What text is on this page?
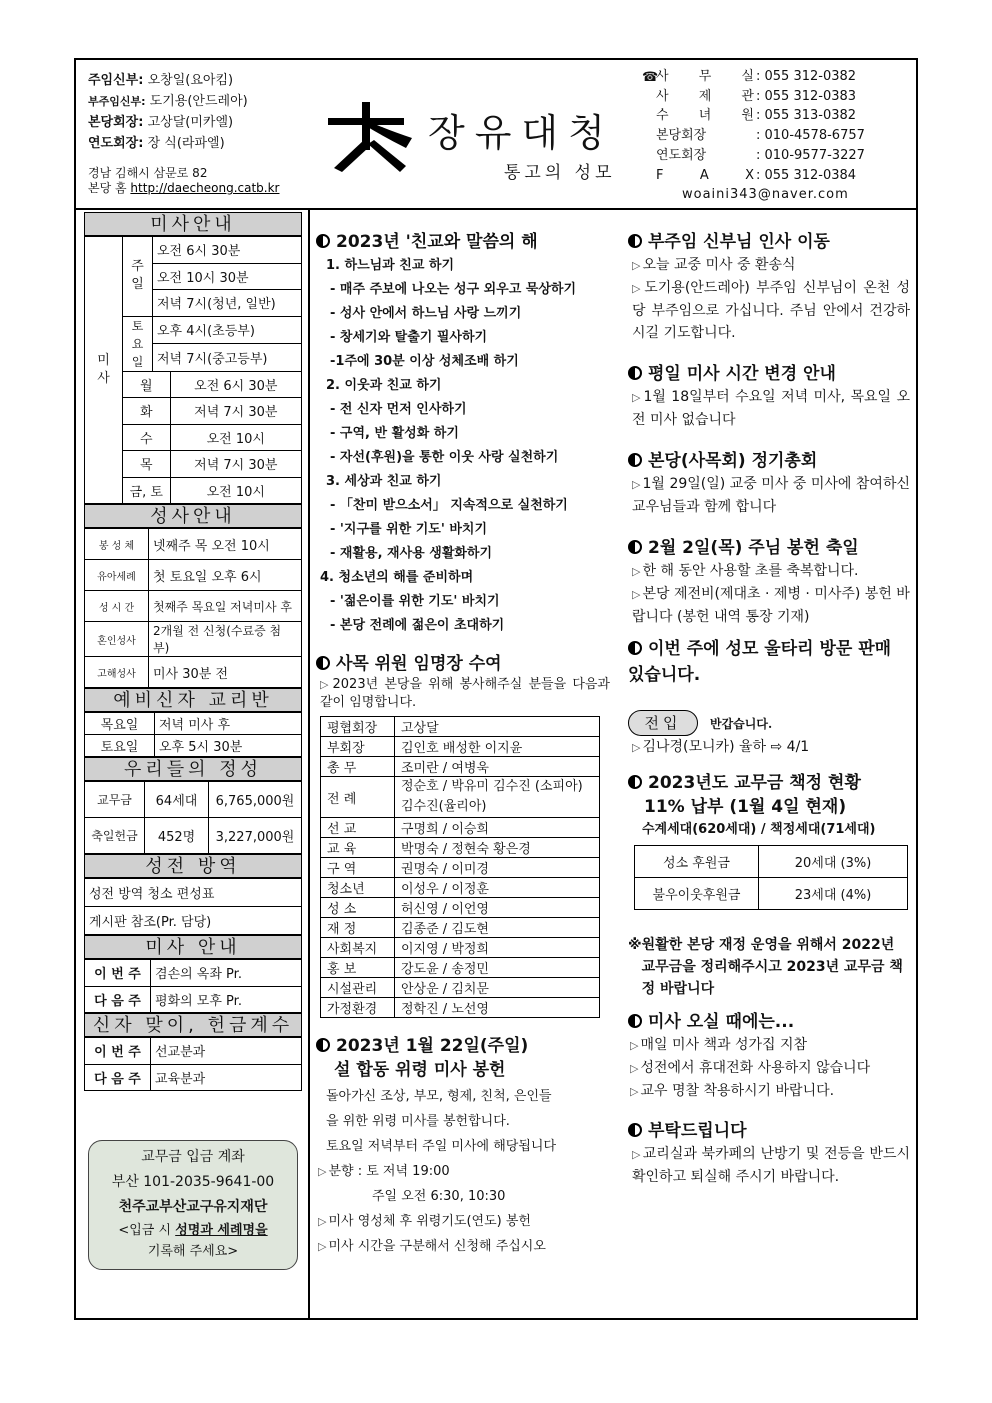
주임신부: 오창일(요아킴)
부주임신부: 도기용(안드레아)
본당회장: 고상달(미카엘)
연도회장: 장 식(라파엘)
경남 김해시 삼문로 82
본당 홈 http://daecheong.catb.kr
장유대청
통고의 성모
☎
사 무 실 : 055 312-0382
사 제 관 : 055 312-0383
수 녀 원 : 055 313-0382
본당회장	: 010-4578-6757
연도회장	: 010-9577-3227
F A X : 055 312-0384
woaini343@naver.com
미사안내
미 사	주 일	오전 6시 30분	
		오전 10시 30분	
		저녁 7시(청년, 일반)	
	토 요 일	오후 4시(초등부)	
		저녁 7시(중고등부)	
	월		오전 6시 30분
	화		저녁 7시 30분
	수		오전 10시
	목		저녁 7시 30분
	금, 토		오전 10시
성사안내
봉 성 체	넷째주 목 오전 10시
유아세례	첫 토요일 오후 6시
성 시 간	첫째주 목요일 저녁미사 후
혼인성사	2개월 전 신청(수료증 첨부)
고해성사	미사 30분 전
예비신자 교리반
목요일	저녁 미사 후
토요일	오후 5시 30분
우리들의 정성
교무금	64세대	6,765,000원
축일헌금	452명	3,227,000원
성전 방역
성전 방역 청소 편성표
게시판 참조(Pr. 담당)
미사 안내
이 번 주	겸손의 옥좌 Pr.
다 음 주	평화의 모후 Pr.
신자 맞이, 헌금계수
이 번 주	선교분과
다 음 주	교육분과
교무금 입금 계좌
부산 101-2035-9641-00
천주교부산교구유지재단
<입금 시 성명과 세례명을
기록해 주세요>
2023년 '친교와 말씀의 해
1. 하느님과 친교 하기
- 매주 주보에 나오는 성구 외우고 묵상하기
- 성사 안에서 하느님 사랑 느끼기
- 창세기와 탈출기 필사하기
-1주에 30분 이상 성체조배 하기
2. 이웃과 친교 하기
- 전 신자 먼저 인사하기
- 구역, 반 활성화 하기
- 자선(후원)을 통한 이웃 사랑 실천하기
3. 세상과 친교 하기
- 「찬미 받으소서」 지속적으로 실천하기
- '지구를 위한 기도' 바치기
- 재활용, 재사용 생활화하기
4. 청소년의 해를 준비하며
- '젊은이를 위한 기도' 바치기
- 본당 전례에 젊은이 초대하기
사목 위원 임명장 수여
▷ 2023년 본당을 위해 봉사해주실 분들을 다음과 같이 임명합니다.
평협회장	고상달
부회장	김인호 배성한 이지윤
총 무	조미란 / 여병욱
전 례	정순호 / 박유미 김수진 (소피아) 김수진(율리아)
선 교	구명희 / 이승희
교 육	박명숙 / 정현숙 황은경
구 역	권명숙 / 이미경
청소년	이성우 / 이정훈
성 소	허신영 / 이언영
재 정	김종준 / 김도현
사회복지	이지영 / 박정희
홍 보	강도윤 / 송정민
시설관리	안상운 / 김치문
가정환경	정학진 / 노선영
2023년 1월 22일(주일)
설 합동 위령 미사 봉헌
돌아가신 조상, 부모, 형제, 친척, 은인들
을 위한 위령 미사를 봉헌합니다.
토요일 저녁부터 주일 미사에 해당됩니다
▷ 분향 : 토 저녁 19:00
주일 오전 6:30, 10:30
▷ 미사 영성체 후 위령기도(연도) 봉헌
▷ 미사 시간을 구분해서 신청해 주십시오
부주임 신부님 인사 이동
▷ 오늘 교중 미사 중 환송식
▷ 도기용(안드레아) 부주임 신부님이 온천 성당 부주임으로 가십니다. 주님 안에서 건강하시길 기도합니다.
평일 미사 시간 변경 안내
▷ 1월 18일부터 수요일 저녁 미사, 목요일 오전 미사 없습니다
본당(사목회) 정기총회
▷ 1월 29일(일) 교중 미사 중 미사에 참여하신 교우님들과 함께 합니다
2월 2일(목) 주님 봉헌 축일
▷ 한 해 동안 사용할 초를 축복합니다.
▷ 본당 제전비(제대초 · 제병 · 미사주) 봉헌 바랍니다 (봉헌 내역 통장 기재)
이번 주에 성모 울타리 방문 판매 있습니다.
전입	반갑습니다.
▷ 김나경(모니카) 율하 ⇨ 4/1
2023년도 교무금 책정 현황
11% 납부 (1월 4일 현재)
수계세대(620세대) / 책정세대(71세대)
성소 후원금	20세대 (3%)
불우이웃후원금	23세대 (4%)
※ 원활한 본당 재정 운영을 위해서 2022년 교무금을 정리해주시고 2023년 교무금 책정 바랍니다
미사 오실 때에는...
▷ 매일 미사 책과 성가집 지참
▷ 성전에서 휴대전화 사용하지 않습니다
▷ 교우 명찰 착용하시기 바랍니다.
부탁드립니다
▷ 교리실과 북카페의 난방기 및 전등을 반드시 확인하고 퇴실해 주시기 바랍니다.
